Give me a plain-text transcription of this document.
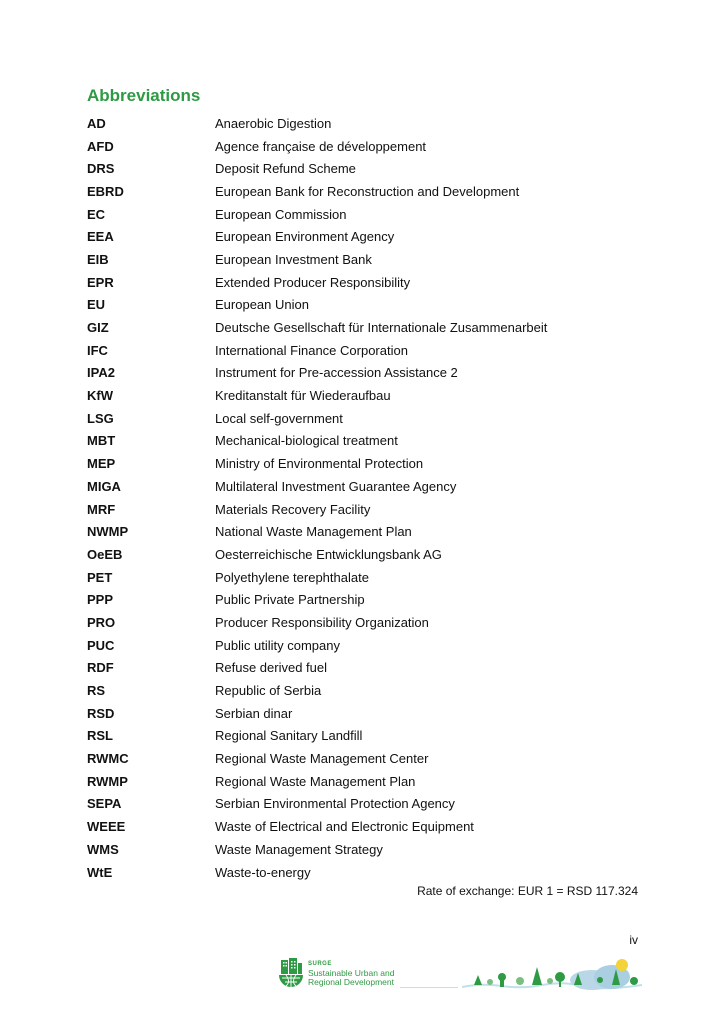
Abbreviations
AD	Anaerobic Digestion
AFD	Agence française de développement
DRS	Deposit Refund Scheme
EBRD	European Bank for Reconstruction and Development
EC	European Commission
EEA	European Environment Agency
EIB	European Investment Bank
EPR	Extended Producer Responsibility
EU	European Union
GIZ	Deutsche Gesellschaft für Internationale Zusammenarbeit
IFC	International Finance Corporation
IPA2	Instrument for Pre-accession Assistance 2
KfW	Kreditanstalt für Wiederaufbau
LSG	Local self-government
MBT	Mechanical-biological treatment
MEP	Ministry of Environmental Protection
MIGA	Multilateral Investment Guarantee Agency
MRF	Materials Recovery Facility
NWMP	National Waste Management Plan
OeEB	Oesterreichische Entwicklungsbank AG
PET	Polyethylene terephthalate
PPP	Public Private Partnership
PRO	Producer Responsibility Organization
PUC	Public utility company
RDF	Refuse derived fuel
RS	Republic of Serbia
RSD	Serbian dinar
RSL	Regional Sanitary Landfill
RWMC	Regional Waste Management Center
RWMP	Regional Waste Management Plan
SEPA	Serbian Environmental Protection Agency
WEEE	Waste of Electrical and Electronic Equipment
WMS	Waste Management Strategy
WtE	Waste-to-energy
Rate of exchange: EUR 1 = RSD 117.324
iv
SURGE
Sustainable Urban and
Regional Development
